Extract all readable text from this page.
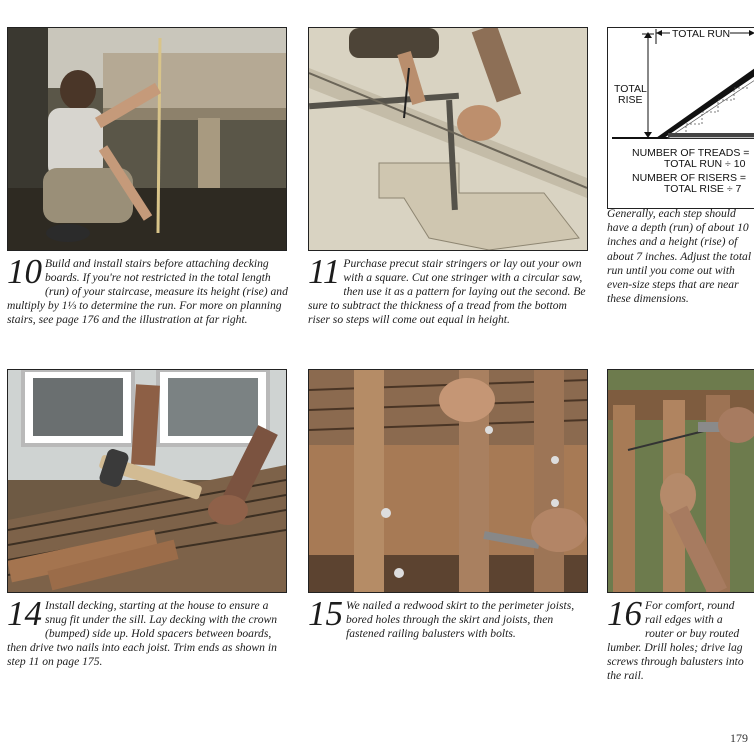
TOTAL RUN
TOTAL
RISE
NUMBER OF TREADS =
TOTAL RUN ÷ 10
NUMBER OF RISERS =
TOTAL RISE ÷ 7
10 Build and install stairs before attaching decking boards. If you're not restricted in the total length (run) of your staircase, measure its height (rise) and multiply by 1⅓ to determine the run. For more on planning stairs, see page 176 and the illustration at far right.
11 Purchase precut stair stringers or lay out your own with a square. Cut one stringer with a circular saw, then use it as a pattern for laying out the second. Be sure to subtract the thickness of a tread from the bottom riser so steps will come out equal in height.
Generally, each step should have a depth (run) of about 10 inches and a height (rise) of about 7 inches. Adjust the total run until you come out with even-size steps that are near these dimensions.
14 Install decking, starting at the house to ensure a snug fit under the sill. Lay decking with the crown (bumped) side up. Hold spacers between boards, then drive two nails into each joist. Trim ends as shown in step 11 on page 175.
15 We nailed a redwood skirt to the perimeter joists, bored holes through the skirt and joists, then fastened railing balusters with bolts.
16 For comfort, round rail edges with a router or buy routed lumber. Drill holes; drive lag screws through balusters into the rail.
179
